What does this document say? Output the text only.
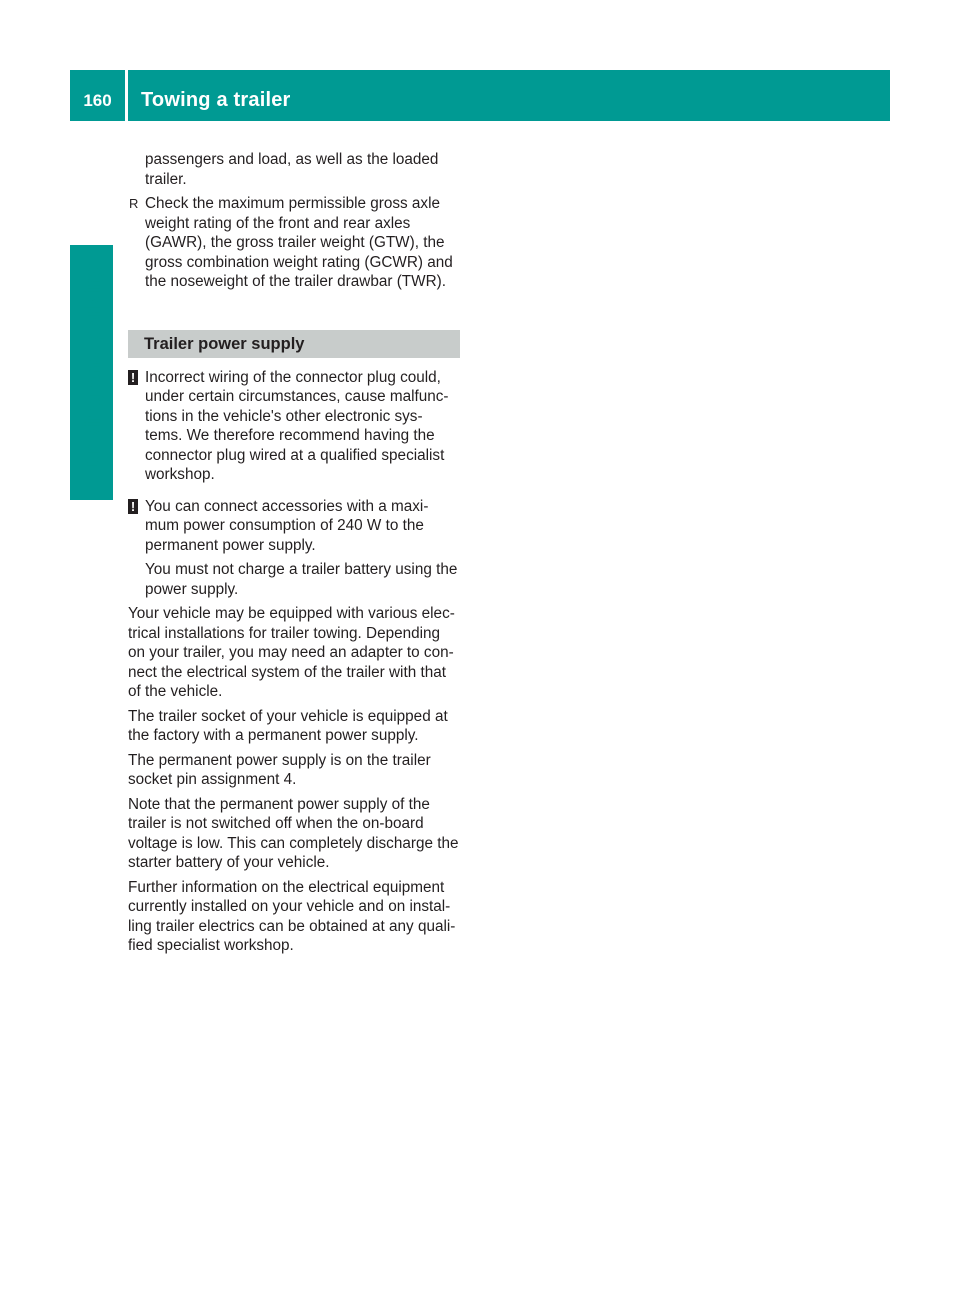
160	Towing a trailer
Driving and parking

passengers and load, as well as the loaded trailer.

R Check the maximum permissible gross axle weight rating of the front and rear axles (GAWR), the gross trailer weight (GTW), the gross combination weight rating (GCWR) and the noseweight of the trailer drawbar (TWR).

Trailer power supply
! Incorrect wiring of the connector plug could, under certain circumstances, cause malfunc- tions in the vehicle's other electronic sys- tems. We therefore recommend having the connector plug wired at a qualified specialist workshop.

! You can connect accessories with a maxi- mum power consumption of 240 W to the permanent power supply.

You must not charge a trailer battery using the power supply.

Your vehicle may be equipped with various elec- trical installations for trailer towing. Depending on your trailer, you may need an adapter to con- nect the electrical system of the trailer with that of the vehicle.

The trailer socket of your vehicle is equipped at the factory with a permanent power supply.

The permanent power supply is on the trailer socket pin assignment 4.

Note that the permanent power supply of the trailer is not switched off when the on-board voltage is low. This can completely discharge the starter battery of your vehicle.

Further information on the electrical equipment currently installed on your vehicle and on instal- ling trailer electrics can be obtained at any quali- fied specialist workshop.
